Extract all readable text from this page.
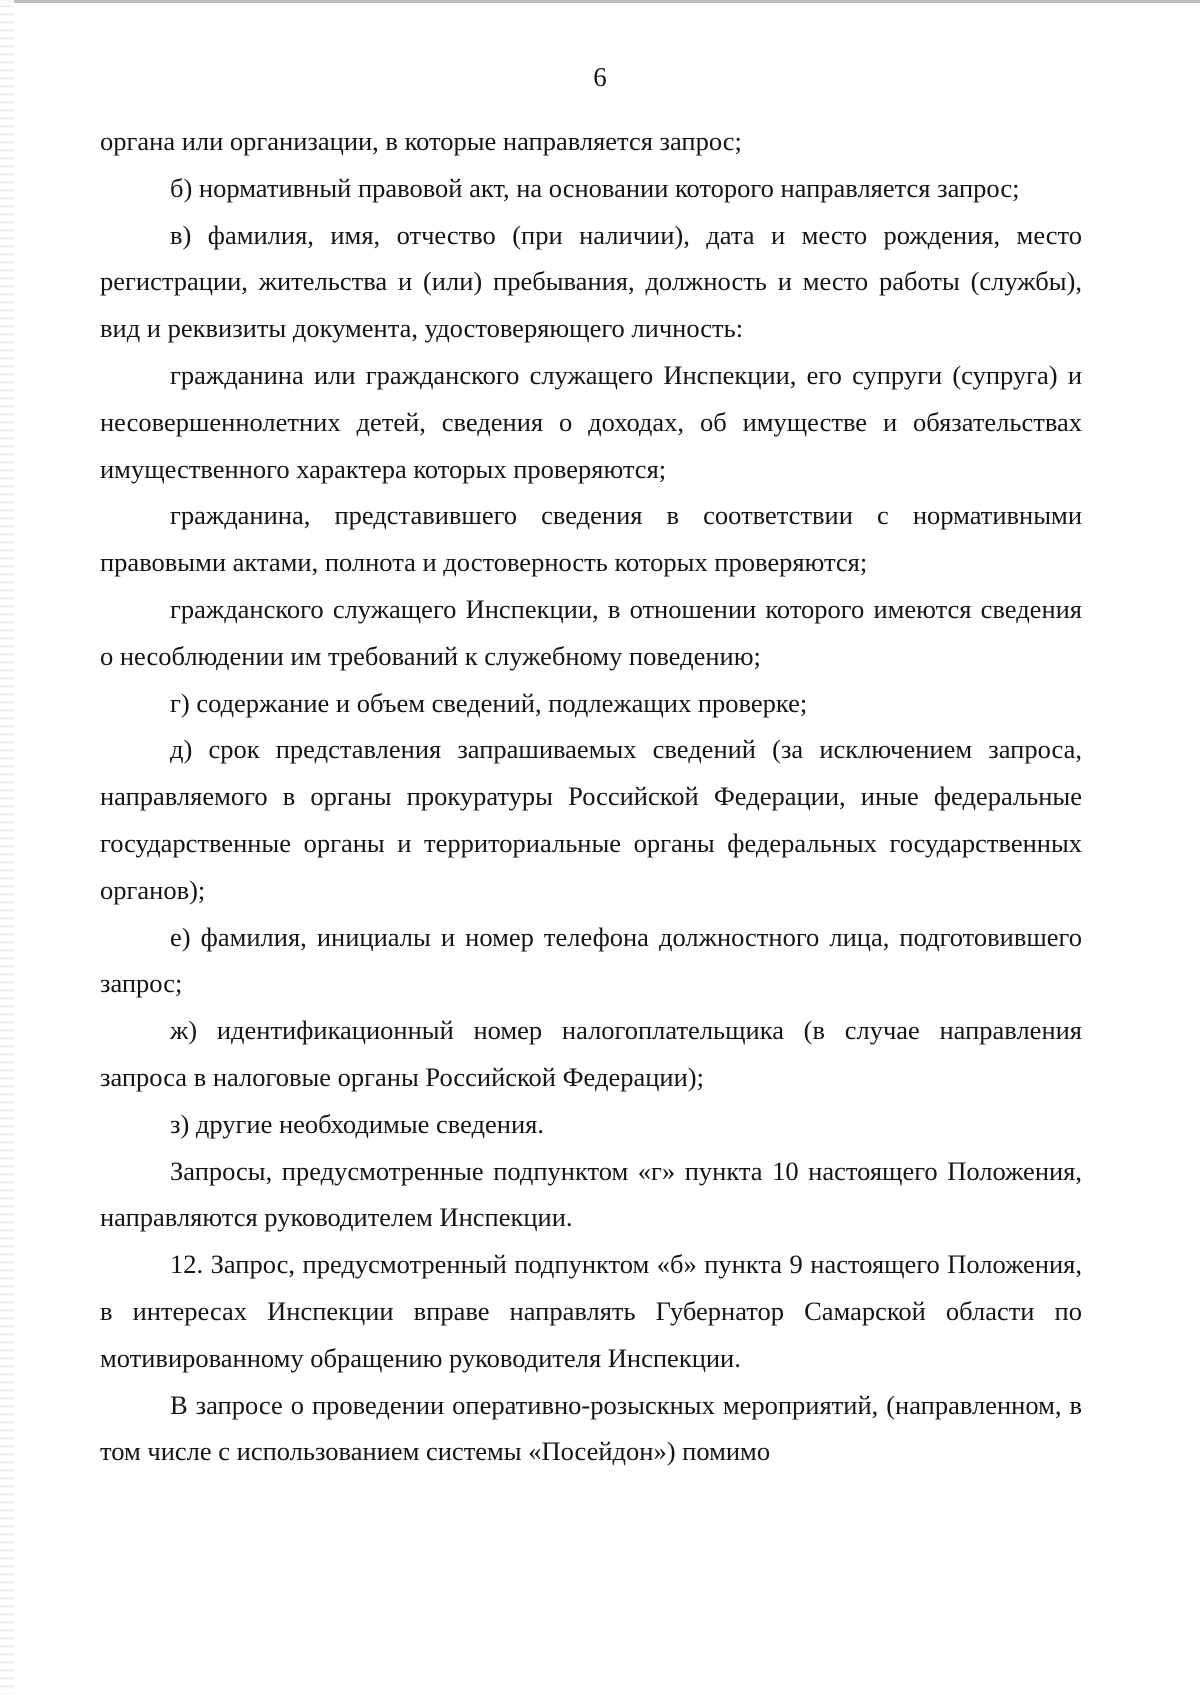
6

органа или организации, в которые направляется запрос;

б) нормативный правовой акт, на основании которого направляется запрос;

в) фамилия, имя, отчество (при наличии), дата и место рождения, место регистрации, жительства и (или) пребывания, должность и место работы (службы), вид и реквизиты документа, удостоверяющего личность:

гражданина или гражданского служащего Инспекции, его супруги (супруга) и несовершеннолетних детей, сведения о доходах, об имуществе и обязательствах имущественного характера которых проверяются;

гражданина, представившего сведения в соответствии с нормативными правовыми актами, полнота и достоверность которых проверяются;

гражданского служащего Инспекции, в отношении которого имеются сведения о несоблюдении им требований к служебному поведению;

г) содержание и объем сведений, подлежащих проверке;

д) срок представления запрашиваемых сведений (за исключением запроса, направляемого в органы прокуратуры Российской Федерации, иные федеральные государственные органы и территориальные органы федеральных государственных органов);

е) фамилия, инициалы и номер телефона должностного лица, подготовившего запрос;

ж) идентификационный номер налогоплательщика (в случае направления запроса в налоговые органы Российской Федерации);

з) другие необходимые сведения.

Запросы, предусмотренные подпунктом «г» пункта 10 настоящего Положения, направляются руководителем Инспекции.

12. Запрос, предусмотренный подпунктом «б» пункта 9 настоящего Положения, в интересах Инспекции вправе направлять Губернатор Самарской области по мотивированному обращению руководителя Инспекции.

В запросе о проведении оперативно-розыскных мероприятий, (направленном, в том числе с использованием системы «Посейдон») помимо
